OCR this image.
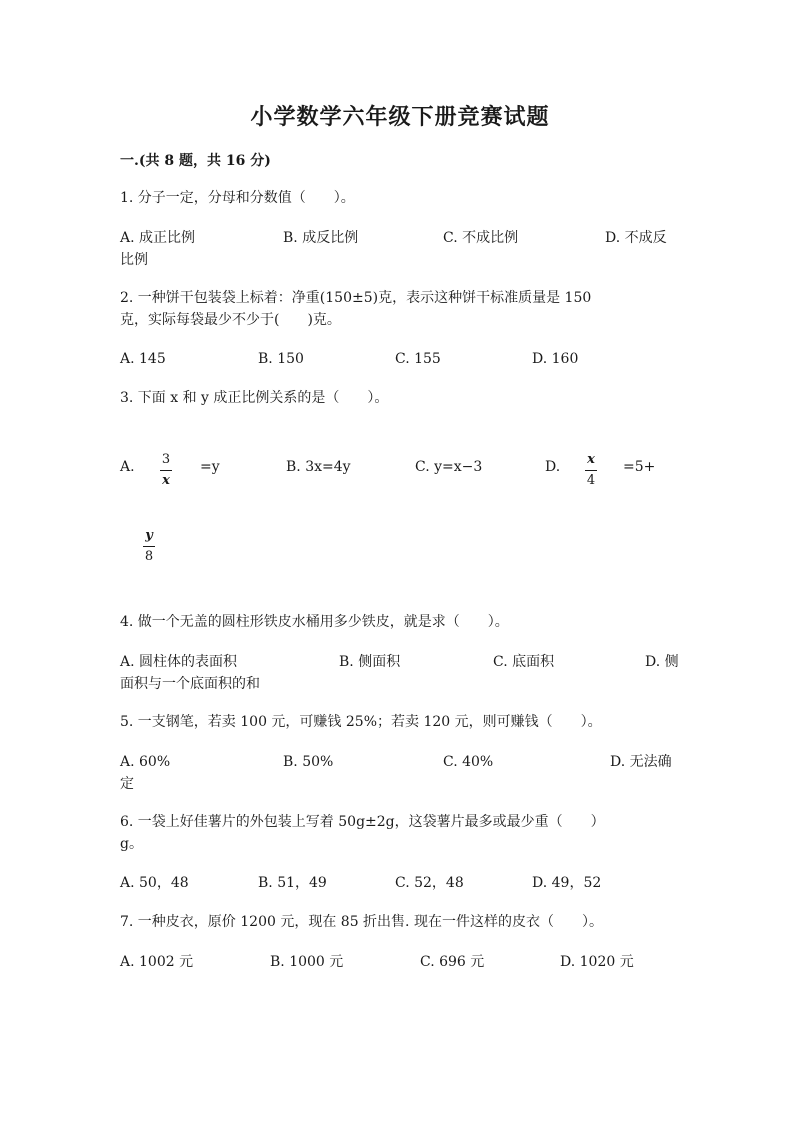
小学数学六年级下册竞赛试题
一.(共 8 题，共 16 分)
1. 分子一定，分母和分数值（　　）。
A. 成正比例	B. 成反比例	C. 不成比例	D. 不成反
比例
2. 一种饼干包装袋上标着：净重(150±5)克，表示这种饼干标准质量是 150
克，实际每袋最少不少于(　　)克。
A. 145	B. 150	C. 155	D. 160
3. 下面 x 和 y 成正比例关系的是（　　）。
A. 3
x
=y	B. 3x=4y	C. y=x−3	D. x
4
=5+
y
8
4. 做一个无盖的圆柱形铁皮水桶用多少铁皮，就是求（　　）。
A. 圆柱体的表面积	B. 侧面积	C. 底面积	D. 侧
面积与一个底面积的和
5. 一支钢笔，若卖 100 元，可赚钱 25%；若卖 120 元，则可赚钱（　　）。
A. 60%	B. 50%	C. 40%	D. 无法确
定
6. 一袋上好佳薯片的外包装上写着 50g±2g，这袋薯片最多或最少重（　　）
g。
A. 50，48	B. 51，49	C. 52，48	D. 49，52
7. 一种皮衣，原价 1200 元，现在 85 折出售. 现在一件这样的皮衣（　　）。
A. 1002 元	B. 1000 元	C. 696 元	D. 1020 元
